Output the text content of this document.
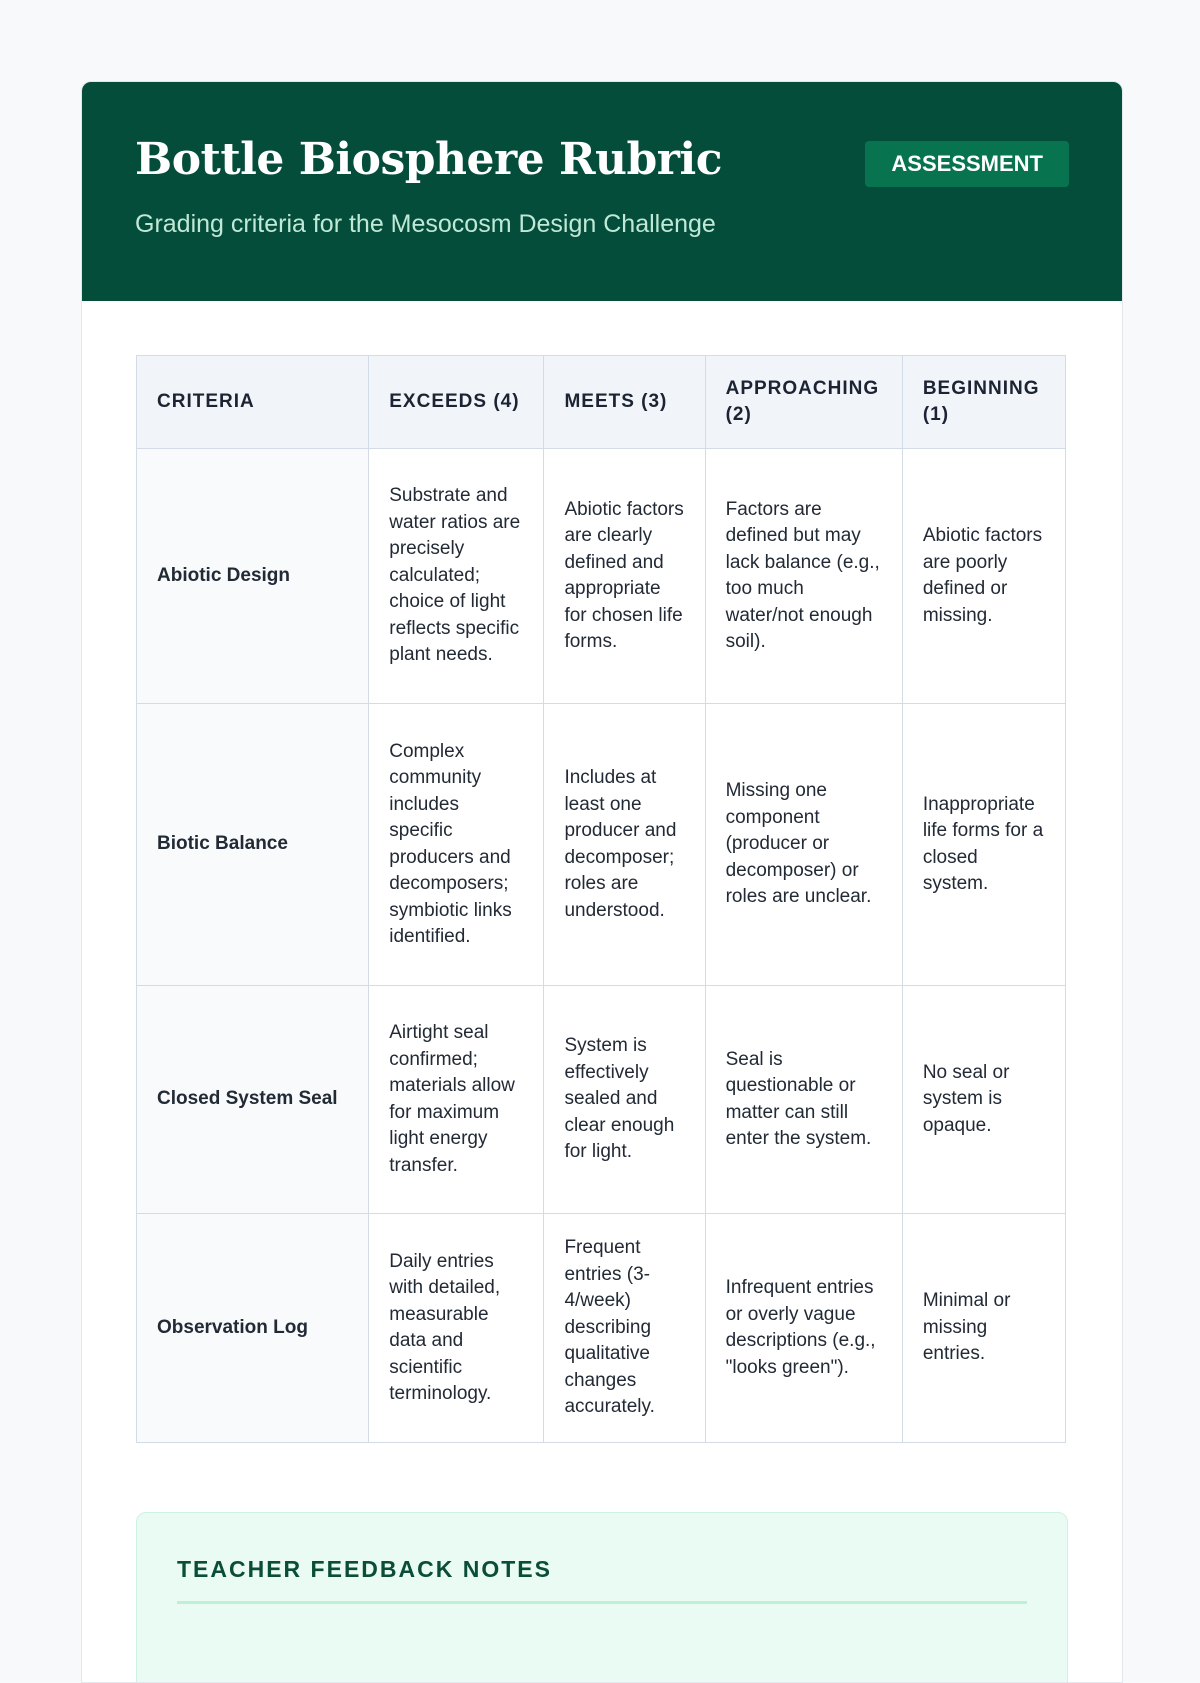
Bottle Biosphere Rubric
Grading criteria for the Mesocosm Design Challenge
ASSESSMENT
CRITERIA	EXCEEDS (4)	MEETS (3)	APPROACHING (2)	BEGINNING (1)
Abiotic Design	Substrate and water ratios are precisely calculated; choice of light reflects specific plant needs.	Abiotic factors are clearly defined and appropriate for chosen life forms.	Factors are defined but may lack balance (e.g., too much water/not enough soil).	Abiotic factors are poorly defined or missing.
Biotic Balance	Complex community includes specific producers and decomposers; symbiotic links identified.	Includes at least one producer and decomposer; roles are understood.	Missing one component (producer or decomposer) or roles are unclear.	Inappropriate life forms for a closed system.
Closed System Seal	Airtight seal confirmed; materials allow for maximum light energy transfer.	System is effectively sealed and clear enough for light.	Seal is questionable or matter can still enter the system.	No seal or system is opaque.
Observation Log	Daily entries with detailed, measurable data and scientific terminology.	Frequent entries (3-4/week) describing qualitative changes accurately.	Infrequent entries or overly vague descriptions (e.g., "looks green").	Minimal or missing entries.
TEACHER FEEDBACK NOTES
